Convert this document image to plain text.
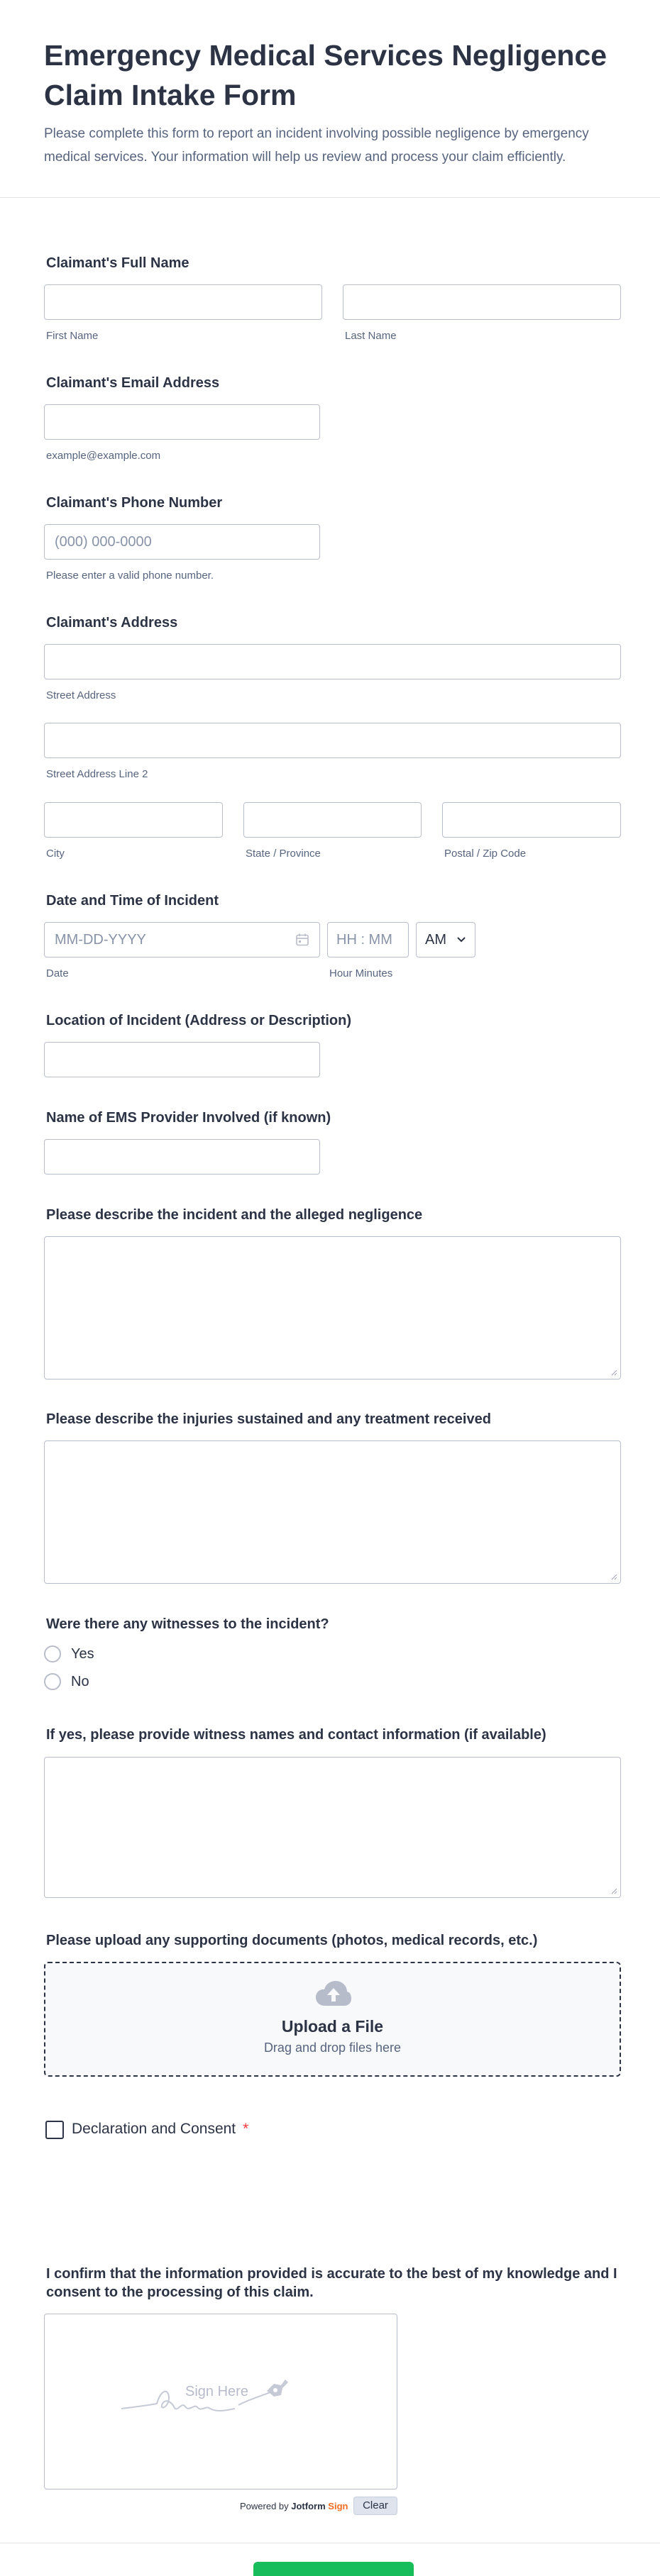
Emergency Medical Services Negligence Claim Intake Form

Please complete this form to report an incident involving possible negligence by emergency medical services. Your information will help us review and process your claim efficiently.

Claimant's Full Name
First Name	Last Name
Claimant's Email Address
example@example.com
Claimant's Phone Number
(000) 000-0000
Please enter a valid phone number.
Claimant's Address
Street Address
Street Address Line 2
City	State / Province	Postal / Zip Code
Date and Time of Incident
MM-DD-YYYY	HH : MM	AM
Date	Hour Minutes
Location of Incident (Address or Description)
Name of EMS Provider Involved (if known)
Please describe the incident and the alleged negligence
Please describe the injuries sustained and any treatment received
Were there any witnesses to the incident?
Yes
No
If yes, please provide witness names and contact information (if available)
Please upload any supporting documents (photos, medical records, etc.)
Upload a File
Drag and drop files here
Declaration and Consent *
I confirm that the information provided is accurate to the best of my knowledge and I consent to the processing of this claim.
Sign Here
Powered by Jotform Sign	Clear
